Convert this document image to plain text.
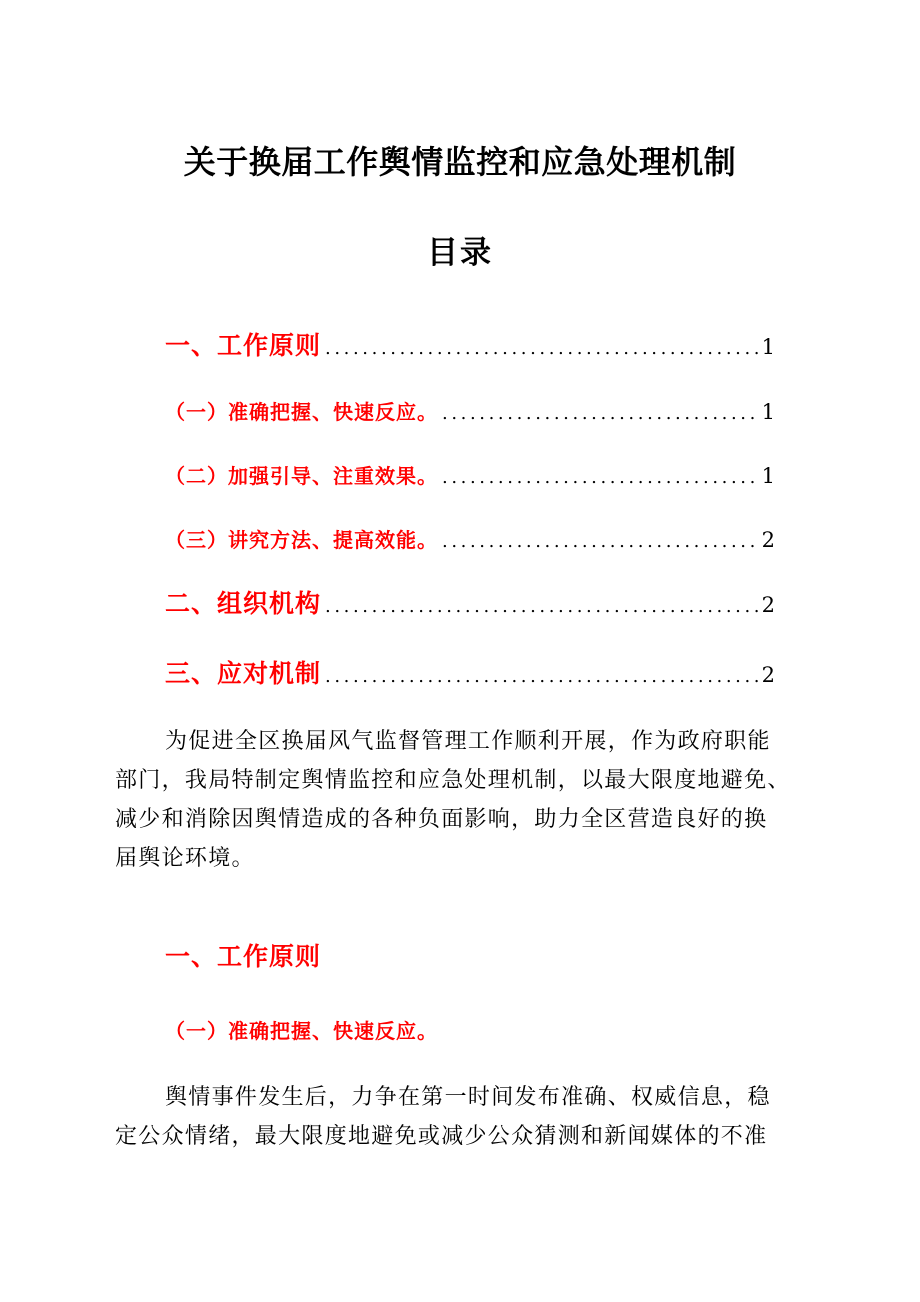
关于换届工作舆情监控和应急处理机制
目录
一、工作原则 .....	1
（一）准确把握、快速反应。 .....	1
（二）加强引导、注重效果。 .....	1
（三）讲究方法、提高效能。 .....	2
二、组织机构 .....	2
三、应对机制 .....	2
为促进全区换届风气监督管理工作顺利开展，作为政府职能
部门，我局特制定舆情监控和应急处理机制，以最大限度地避免、
减少和消除因舆情造成的各种负面影响，助力全区营造良好的换
届舆论环境。
一、工作原则
（一）准确把握、快速反应。
舆情事件发生后，力争在第一时间发布准确、权威信息，稳
定公众情绪，最大限度地避免或减少公众猜测和新闻媒体的不准
